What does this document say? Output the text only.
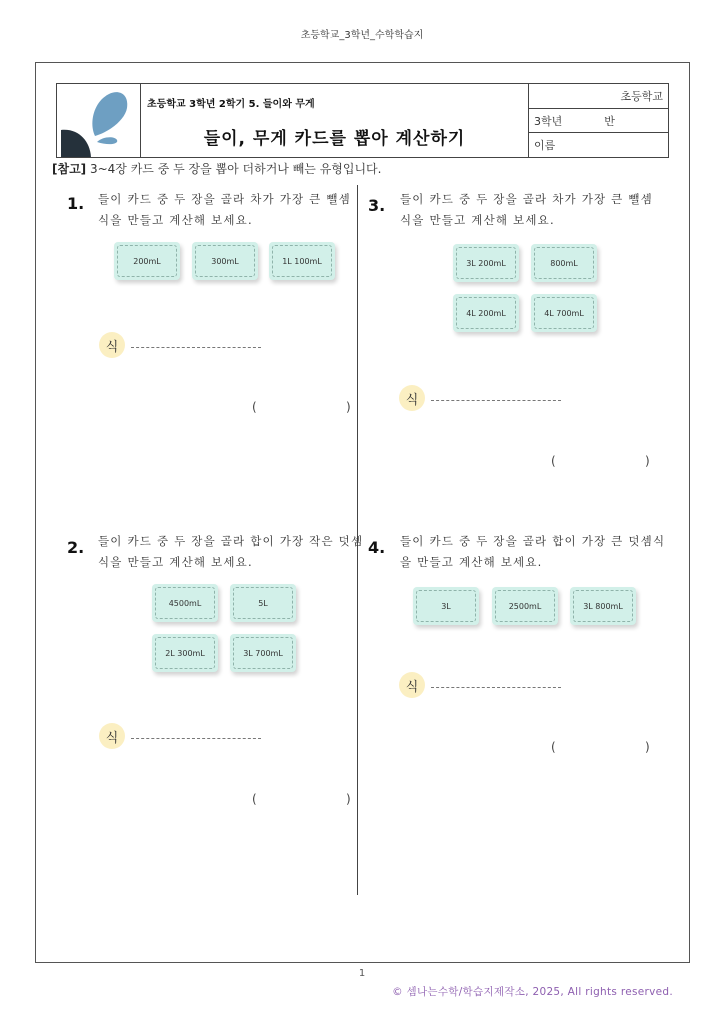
초등학교_3학년_수학학습지
초등학교 3학년 2학기 5. 들이와 무게
들이, 무게 카드를 뽑아 계산하기
초등학교
3학년	반
이름
[참고] 3~4장 카드 중 두 장을 뽑아 더하거나 빼는 유형입니다.
1. 들이 카드 중 두 장을 골라 차가 가장 큰 뺄셈
식을 만들고 계산해 보세요.
200mL	300mL	1L 100mL
식
(	)
2. 들이 카드 중 두 장을 골라 합이 가장 작은 덧셈
식을 만들고 계산해 보세요.
4500mL	5L
2L 300mL	3L 700mL
식
(	)
3. 들이 카드 중 두 장을 골라 차가 가장 큰 뺄셈
식을 만들고 계산해 보세요.
3L 200mL	800mL
4L 200mL	4L 700mL
식
(	)
4. 들이 카드 중 두 장을 골라 합이 가장 큰 덧셈식
을 만들고 계산해 보세요.
3L	2500mL	3L 800mL
식
(	)
1
© 셈나는수학/학습지제작소, 2025, All rights reserved.
